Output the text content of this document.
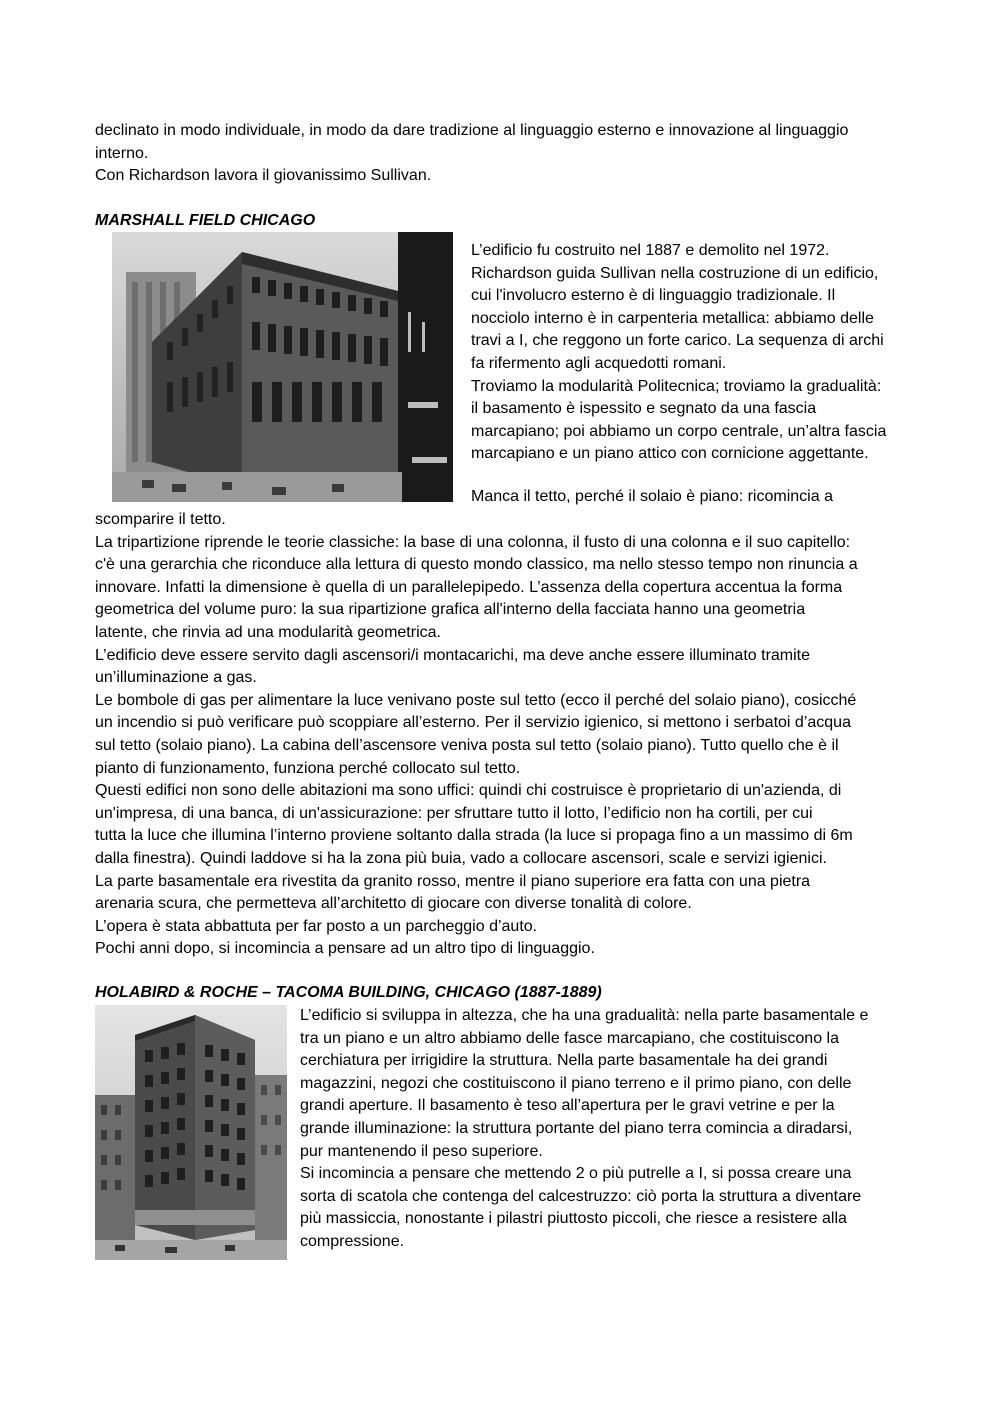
declinato in modo individuale, in modo da dare tradizione al linguaggio esterno e innovazione al linguaggio

interno.

Con Richardson lavora il giovanissimo Sullivan.

MARSHALL FIELD CHICAGO

L’edificio fu costruito nel 1887 e demolito nel 1972.

Richardson guida Sullivan nella costruzione di un edificio,

cui l'involucro esterno è di linguaggio tradizionale. Il

nocciolo interno è in carpenteria metallica: abbiamo delle

travi a I, che reggono un forte carico. La sequenza di archi

fa rifermento agli acquedotti romani.

Troviamo la modularità Politecnica; troviamo la gradualità:

il basamento è ispessito e segnato da una fascia

marcapiano; poi abbiamo un corpo centrale, un’altra fascia

marcapiano e un piano attico con cornicione aggettante.

Manca il tetto, perché il solaio è piano: ricomincia a

scomparire il tetto.

La tripartizione riprende le teorie classiche: la base di una colonna, il fusto di una colonna e il suo capitello:

c'è una gerarchia che riconduce alla lettura di questo mondo classico, ma nello stesso tempo non rinuncia a

innovare. Infatti la dimensione è quella di un parallelepipedo. L’assenza della copertura accentua la forma

geometrica del volume puro: la sua ripartizione grafica all'interno della facciata hanno una geometria

latente, che rinvia ad una modularità geometrica.

L’edificio deve essere servito dagli ascensori/i montacarichi, ma deve anche essere illuminato tramite

un’illuminazione a gas.

Le bombole di gas per alimentare la luce venivano poste sul tetto (ecco il perché del solaio piano), cosicché

un incendio si può verificare può scoppiare all’esterno. Per il servizio igienico, si mettono i serbatoi d’acqua

sul tetto (solaio piano). La cabina dell’ascensore veniva posta sul tetto (solaio piano). Tutto quello che è il

pianto di funzionamento, funziona perché collocato sul tetto.

Questi edifici non sono delle abitazioni ma sono uffici: quindi chi costruisce è proprietario di un'azienda, di

un'impresa, di una banca, di un'assicurazione: per sfruttare tutto il lotto, l’edificio non ha cortili, per cui

tutta la luce che illumina l’interno proviene soltanto dalla strada (la luce si propaga fino a un massimo di 6m

dalla finestra). Quindi laddove si ha la zona più buia, vado a collocare ascensori, scale e servizi igienici.

La parte basamentale era rivestita da granito rosso, mentre il piano superiore era fatta con una pietra

arenaria scura, che permetteva all’architetto di giocare con diverse tonalità di colore.

L’opera è stata abbattuta per far posto a un parcheggio d’auto.

Pochi anni dopo, si incomincia a pensare ad un altro tipo di linguaggio.

HOLABIRD & ROCHE – TACOMA BUILDING, CHICAGO (1887-1889)

L’edificio si sviluppa in altezza, che ha una gradualità: nella parte basamentale e

tra un piano e un altro abbiamo delle fasce marcapiano, che costituiscono la

cerchiatura per irrigidire la struttura. Nella parte basamentale ha dei grandi

magazzini, negozi che costituiscono il piano terreno e il primo piano, con delle

grandi aperture. Il basamento è teso all’apertura per le gravi vetrine e per la

grande illuminazione: la struttura portante del piano terra comincia a diradarsi,

pur mantenendo il peso superiore.

Si incomincia a pensare che mettendo 2 o più putrelle a I, si possa creare una

sorta di scatola che contenga del calcestruzzo: ciò porta la struttura a diventare

più massiccia, nonostante i pilastri piuttosto piccoli, che riesce a resistere alla

compressione.
